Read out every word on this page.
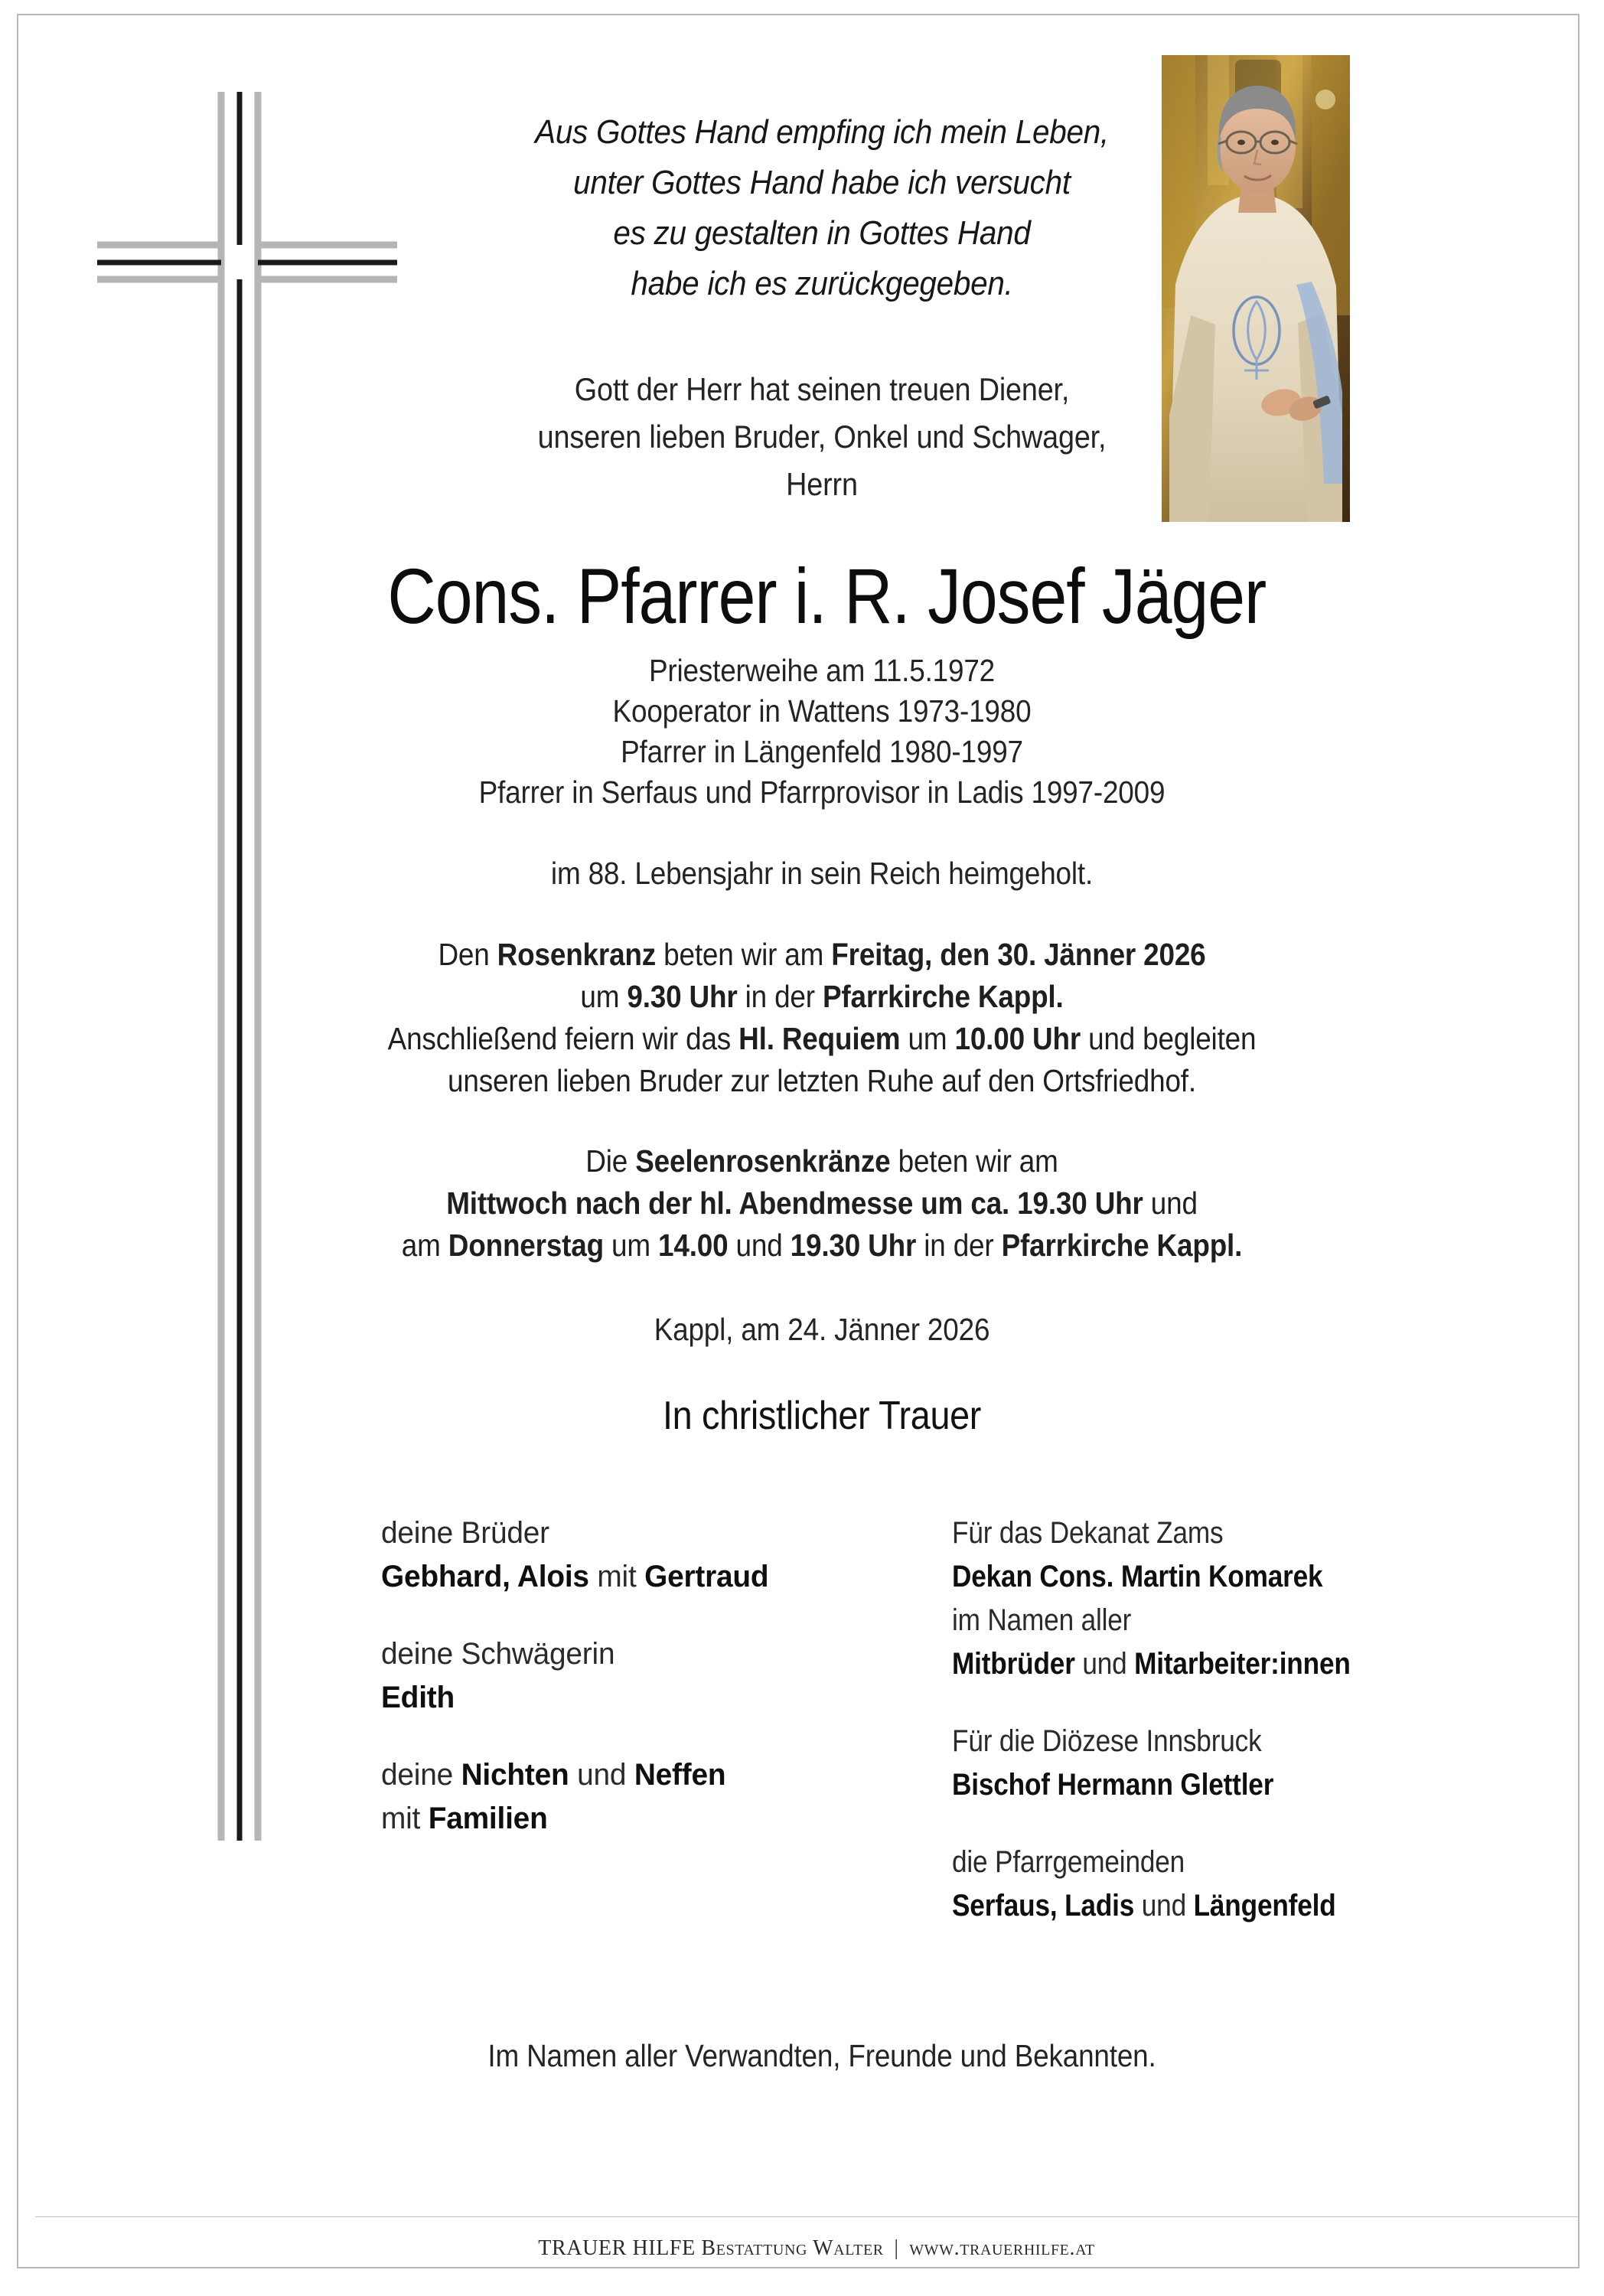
Aus Gottes Hand empfing ich mein Leben,
unter Gottes Hand habe ich versucht
es zu gestalten in Gottes Hand
habe ich es zurückgegeben.
Gott der Herr hat seinen treuen Diener,
unseren lieben Bruder, Onkel und Schwager,
Herrn
Cons. Pfarrer i. R. Josef Jäger
Priesterweihe am 11.5.1972
Kooperator in Wattens 1973-1980
Pfarrer in Längenfeld 1980-1997
Pfarrer in Serfaus und Pfarrprovisor in Ladis 1997-2009
im 88. Lebensjahr in sein Reich heimgeholt.
Den Rosenkranz beten wir am Freitag, den 30. Jänner 2026
um 9.30 Uhr in der Pfarrkirche Kappl.
Anschließend feiern wir das Hl. Requiem um 10.00 Uhr und begleiten
unseren lieben Bruder zur letzten Ruhe auf den Ortsfriedhof.
Die Seelenrosenkränze beten wir am
Mittwoch nach der hl. Abendmesse um ca. 19.30 Uhr und
am Donnerstag um 14.00 und 19.30 Uhr in der Pfarrkirche Kappl.
Kappl, am 24. Jänner 2026
In christlicher Trauer
deine Brüder
Gebhard, Alois mit Gertraud
deine Schwägerin
Edith
deine Nichten und Neffen
mit Familien
Für das Dekanat Zams
Dekan Cons. Martin Komarek
im Namen aller
Mitbrüder und Mitarbeiter:innen
Für die Diözese Innsbruck
Bischof Hermann Glettler
die Pfarrgemeinden
Serfaus, Ladis und Längenfeld
Im Namen aller Verwandten, Freunde und Bekannten.
TRAUER HILFE Bestattung Walter | www.trauerhilfe.at
